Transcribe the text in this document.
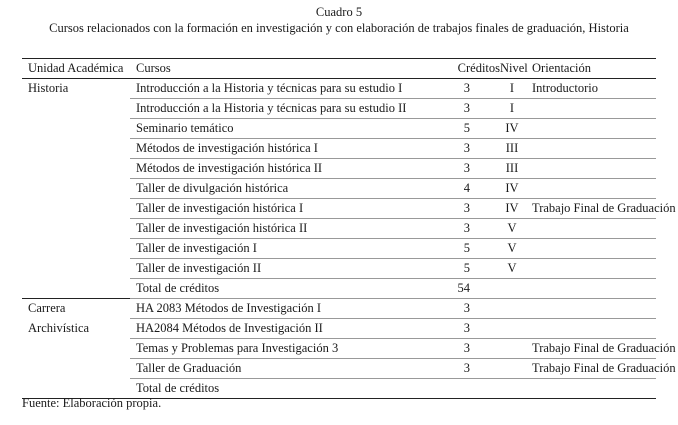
Cuadro 5
Cursos relacionados con la formación en investigación y con elaboración de trabajos finales de graduación, Historia
Unidad Académica	Cursos	Créditos	Nivel	Orientación
Historia	Introducción a la Historia y técnicas para su estudio I	3	I	Introductorio
	Introducción a la Historia y técnicas para su estudio II	3	I	
	Seminario temático	5	IV	
	Métodos de investigación histórica I	3	III	
	Métodos de investigación histórica II	3	III	
	Taller de divulgación histórica	4	IV	
	Taller de investigación histórica I	3	IV	Trabajo Final de Graduación
	Taller de investigación histórica II	3	V	
	Taller de investigación I	5	V	
	Taller de investigación II	5	V	
	Total de créditos	54		
Carrera	HA 2083 Métodos de Investigación I	3		
Archivística	HA2084 Métodos de Investigación II	3		
	Temas y Problemas para Investigación 3	3		Trabajo Final de Graduación
	Taller de Graduación	3		Trabajo Final de Graduación
	Total de créditos			
Fuente: Elaboración propia.
